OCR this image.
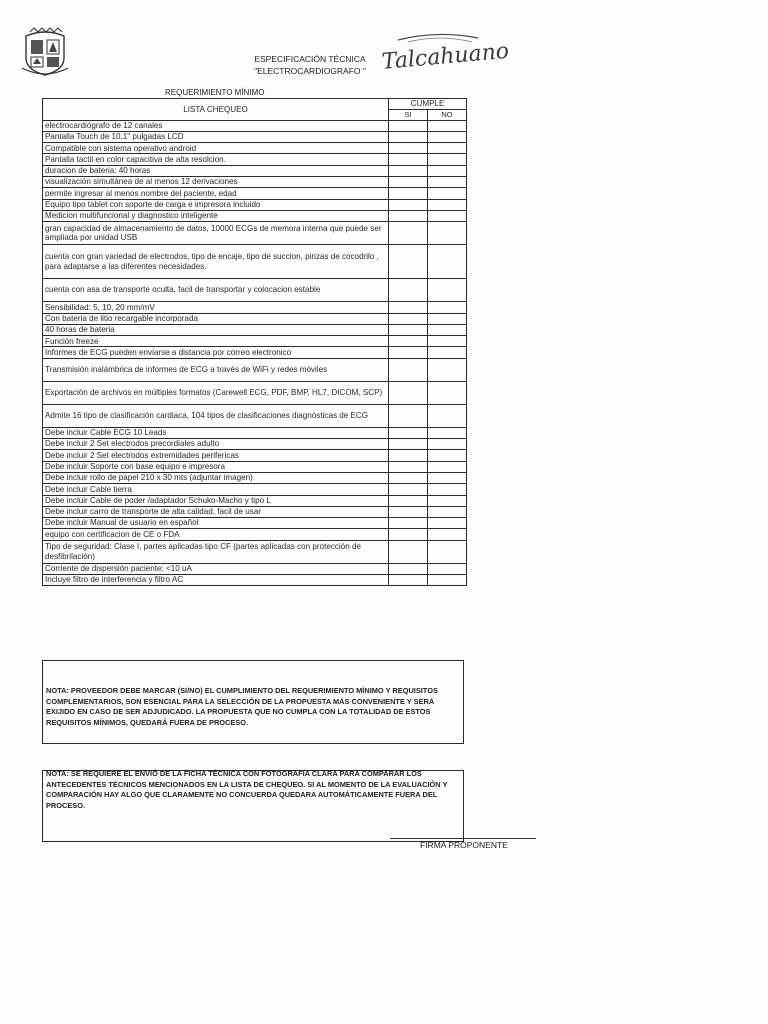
ESPECIFICACIÓN TÉCNICA
"ELECTROCARDIOGRAFO " Talcahuano
REQUERIMIENTO MÍNIMO
LISTA CHEQUEO	CUMPLE	
	SI	NO
electrocardiógrafo de 12 canales		
Pantalla Touch de 10.1" pulgadas LCD		
Compatible con sistema operativo android		
Pantalla tactil en color capacitiva de alta resolcion.		
duracion de bateria: 40 horas		
visualización simultánea de al menos 12 derivaciones		
permite ingresar al menos nombre del paciente, edad		
Equipo tipo tablet con soporte de carga e impresora incluido		
Medicion multifuncional y diagnostico inteligente		
gran capacidad de almacenamiento de datos, 10000 ECGs de memora interna que puede ser ampliada por unidad USB		
cuenta con gran variedad de electrodos, tipo de encaje, tipo de succion, pinzas de cocodrilo , para adaptarse a las diferentes necesidades.		
cuenta con asa de transporte oculta, facil de transportar y colocacion estable		
Sensibilidad: 5, 10, 20 mm/mV		
Con bateria de litio recargable incorporada		
40 horas de bateria		
Función freeze		
Informes de ECG pueden enviarse a distancia por correo electronico		
Transmisión inalámbrica de informes de ECG a través de WiFi y redes móviles		
Exportación de archivos en múltiples formatos (Carewell ECG, PDF, BMP, HL7, DICOM, SCP)		
Admite 16 tipo de clasificación cardiaca, 104 tipos de clasificaciones diagnósticas de ECG		
Debe incluir Cable ECG 10 Leads		
Debe incluir 2 Set electrodos precordiales adulto		
Debe incluir 2 Set electrodos extremidades perifericas		
Debe incluir Soporte con base equipo e impresora		
Debe incluir rollo de papel 210 x 30 mts (adjuntar imagen)		
Debe incluir Cable tierra		
Debe incluir Cable de poder /adaptador Schuko-Macho y tipo L		
Debe incluir carro de transporte de alta calidad, facil de usar		
Debe incluir Manual de usuario en español		
equipo con certificacion de CE o FDA		
Tipo de seguridad: Clase I, partes aplicadas tipo CF (partes aplicadas con protección de desfibrilación)		
Corriente de dispersión paciente: <10 uA		
Incluye filtro de interferencia y filtro AC		
NOTA: PROVEEDOR DEBE MARCAR (SI/NO) EL CUMPLIMIENTO DEL REQUERIMIENTO MÍNIMO Y REQUISITOS COMPLEMENTARIOS, SON ESENCIAL PARA LA SELECCIÓN DE LA PROPUESTA MÁS CONVENIENTE Y SERÁ EXIJIDO EN CASO DE SER ADJUDICADO. LA PROPUESTA QUE NO CUMPLA CON LA TOTALIDAD DE ESTOS REQUISITOS MÍNIMOS, QUEDARÁ FUERA DE PROCESO.
NOTA: SE REQUIERE EL ENVIÓ DE LA FICHA TÉCNICA CON FOTOGRAFÍA CLARA PARA COMPARAR LOS ANTECEDENTES TÉCNICOS MENCIONADOS EN LA LISTA DE CHEQUEO. SI AL MOMENTO DE LA EVALUACIÓN Y COMPARACIÓN HAY ALGO QUE CLARAMENTE NO CONCUERDA QUEDARA AUTOMÁTICAMENTE FUERA DEL PROCESO.
FIRMA PROPONENTE
